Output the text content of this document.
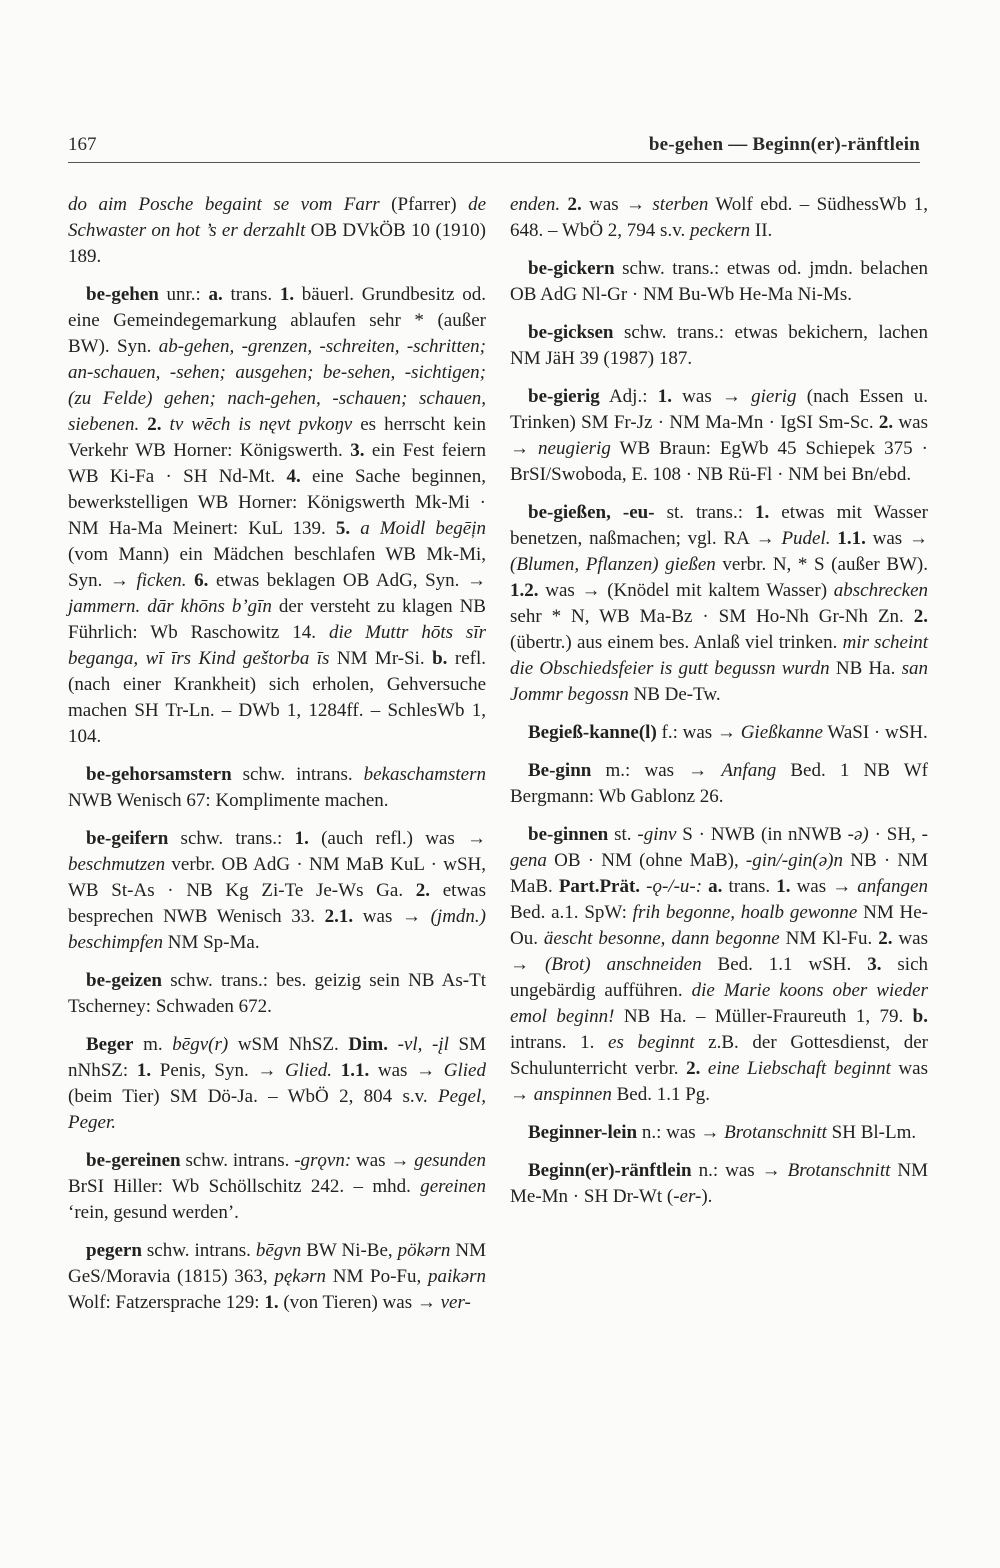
167	be-gehen — Beginn(er)-ränftlein

do aim Posche begaint se vom Farr (Pfarrer) de Schwaster on hot ’s er derzahlt OB DVkÖB 10 (1910) 189.

be-gehen unr.: a. trans. 1. bäuerl. Grundbesitz od. eine Gemeindegemarkung ablaufen sehr * (außer BW). Syn. ab-gehen, -grenzen, -schreiten, -schritten; an-schauen, -sehen; ausgehen; be-sehen, -sichtigen; (zu Felde) gehen; nach-gehen, -schauen; schauen, siebenen. 2. tv wēch is nęvt pvkoŋv es herrscht kein Verkehr WB Horner: Königswerth. 3. ein Fest feiern WB Ki-Fa · SH Nd-Mt. 4. eine Sache beginnen, bewerkstelligen WB Horner: Königswerth Mk-Mi · NM Ha-Ma Meinert: KuL 139. 5. a Moidl begē̦in (vom Mann) ein Mädchen beschlafen WB Mk-Mi, Syn. → ficken. 6. etwas beklagen OB AdG, Syn. → jammern. dār khōns b’gīn der versteht zu klagen NB Führlich: Wb Raschowitz 14. die Muttr hōts sīr beganga, wī īrs Kind geštorba īs NM Mr-Si. b. refl. (nach einer Krankheit) sich erholen, Gehversuche machen SH Tr-Ln. – DWb 1, 1284ff. – SchlesWb 1, 104.

be-gehorsamstern schw. intrans. bekaschamstern NWB Wenisch 67: Komplimente machen.

be-geifern schw. trans.: 1. (auch refl.) was → beschmutzen verbr. OB AdG · NM MaB KuL · wSH, WB St-As · NB Kg Zi-Te Je-Ws Ga. 2. etwas besprechen NWB Wenisch 33. 2.1. was → (jmdn.) beschimpfen NM Sp-Ma.

be-geizen schw. trans.: bes. geizig sein NB As-Tt Tscherney: Schwaden 672.

Beger m. bēgv(r) wSM NhSZ. Dim. -vl, -įl SM nNhSZ: 1. Penis, Syn. → Glied. 1.1. was → Glied (beim Tier) SM Dö-Ja. – WbÖ 2, 804 s.v. Pegel, Peger.

be-gereinen schw. intrans. -grǫvn: was → gesunden BrSI Hiller: Wb Schöllschitz 242. – mhd. gereinen ‘rein, gesund werden’.

pegern schw. intrans. bēgvn BW Ni-Be, pökərn NM GeS/Moravia (1815) 363, pękərn NM Po-Fu, paikərn Wolf: Fatzersprache 129: 1. (von Tieren) was → ver-

enden. 2. was → sterben Wolf ebd. – SüdhessWb 1, 648. – WbÖ 2, 794 s.v. peckern II.

be-gickern schw. trans.: etwas od. jmdn. belachen OB AdG Nl-Gr · NM Bu-Wb He-Ma Ni-Ms.

be-gicksen schw. trans.: etwas bekichern, lachen NM JäH 39 (1987) 187.

be-gierig Adj.: 1. was → gierig (nach Essen u. Trinken) SM Fr-Jz · NM Ma-Mn · IgSI Sm-Sc. 2. was → neugierig WB Braun: EgWb 45 Schiepek 375 · BrSI/Swoboda, E. 108 · NB Rü-Fl · NM bei Bn/ebd.

be-gießen, -eu- st. trans.: 1. etwas mit Wasser benetzen, naßmachen; vgl. RA → Pudel. 1.1. was → (Blumen, Pflanzen) gießen verbr. N, * S (außer BW). 1.2. was → (Knödel mit kaltem Wasser) abschrecken sehr * N, WB Ma-Bz · SM Ho-Nh Gr-Nh Zn. 2. (übertr.) aus einem bes. Anlaß viel trinken. mir scheint die Obschiedsfeier is gutt begussn wurdn NB Ha. san Jommr begossn NB De-Tw.

Begieß-kanne(l) f.: was → Gießkanne WaSI · wSH.

Be-ginn m.: was → Anfang Bed. 1 NB Wf Bergmann: Wb Gablonz 26.

be-ginnen st. -ginv S · NWB (in nNWB -ə) · SH, -gena OB · NM (ohne MaB), -gin/-gin(ə)n NB · NM MaB. Part.Prät. -ǫ-/-u-: a. trans. 1. was → anfangen Bed. a.1. SpW: frih begonne, hoalb gewonne NM He-Ou. äescht besonne, dann begonne NM Kl-Fu. 2. was → (Brot) anschneiden Bed. 1.1 wSH. 3. sich ungebärdig aufführen. die Marie koons ober wieder emol beginn! NB Ha. – Müller-Fraureuth 1, 79. b. intrans. 1. es beginnt z.B. der Gottesdienst, der Schulunterricht verbr. 2. eine Liebschaft beginnt was → anspinnen Bed. 1.1 Pg.

Beginner-lein n.: was → Brotanschnitt SH Bl-Lm.

Beginn(er)-ränftlein n.: was → Brotanschnitt NM Me-Mn · SH Dr-Wt (-er-).
